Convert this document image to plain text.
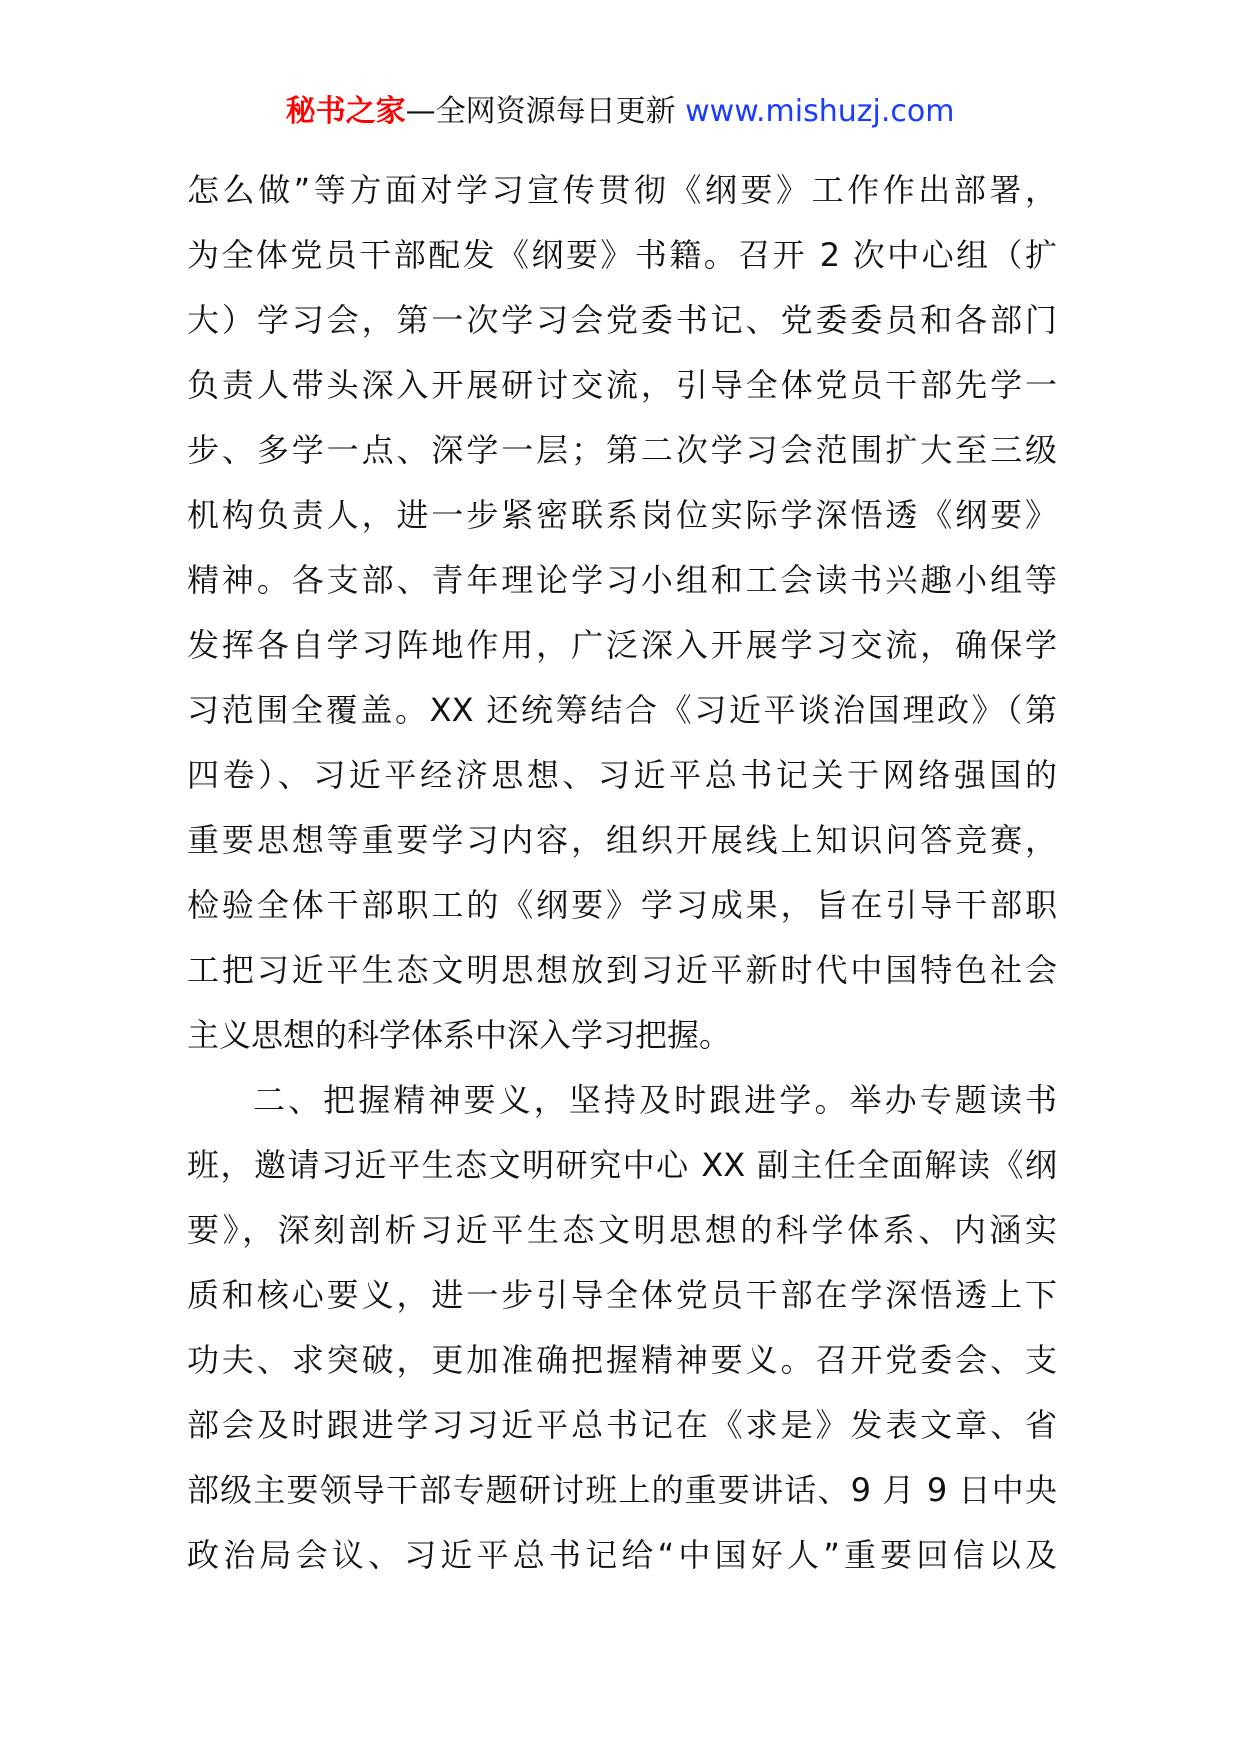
秘书之家—全网资源每日更新 www.mishuzj.com
怎么做”等方面对学习宣传贯彻《纲要》工作作出部署，
为全体党员干部配发《纲要》书籍。召开 2 次中心组（扩
大）学习会，第一次学习会党委书记、党委委员和各部门
负责人带头深入开展研讨交流，引导全体党员干部先学一
步、多学一点、深学一层；第二次学习会范围扩大至三级
机构负责人，进一步紧密联系岗位实际学深悟透《纲要》
精神。各支部、青年理论学习小组和工会读书兴趣小组等
发挥各自学习阵地作用，广泛深入开展学习交流，确保学
习范围全覆盖。XX 还统筹结合《习近平谈治国理政》（第
四卷）、习近平经济思想、习近平总书记关于网络强国的
重要思想等重要学习内容，组织开展线上知识问答竞赛，
检验全体干部职工的《纲要》学习成果，旨在引导干部职
工把习近平生态文明思想放到习近平新时代中国特色社会
主义思想的科学体系中深入学习把握。
二、把握精神要义，坚持及时跟进学。举办专题读书
班，邀请习近平生态文明研究中心 XX 副主任全面解读《纲
要》，深刻剖析习近平生态文明思想的科学体系、内涵实
质和核心要义，进一步引导全体党员干部在学深悟透上下
功夫、求突破，更加准确把握精神要义。召开党委会、支
部会及时跟进学习习近平总书记在《求是》发表文章、省
部级主要领导干部专题研讨班上的重要讲话、9 月 9 日中央
政治局会议、习近平总书记给“中国好人”重要回信以及
